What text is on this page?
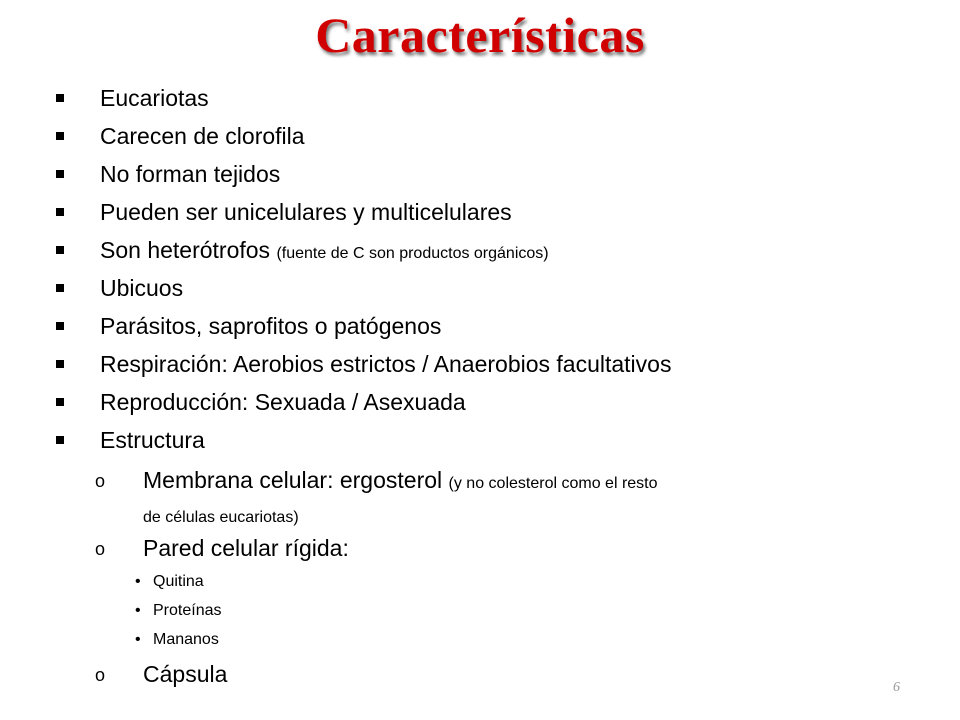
Características
Eucariotas
Carecen de clorofila
No forman tejidos
Pueden ser unicelulares y multicelulares
Son heterótrofos (fuente de C son productos orgánicos)
Ubicuos
Parásitos, saprofitos o patógenos
Respiración: Aerobios estrictos / Anaerobios facultativos
Reproducción: Sexuada / Asexuada
Estructura
o Membrana celular: ergosterol (y no colesterol como el resto
de células eucariotas)
o Pared celular rígida:
• Quitina
• Proteínas
• Mananos
o Cápsula
6
